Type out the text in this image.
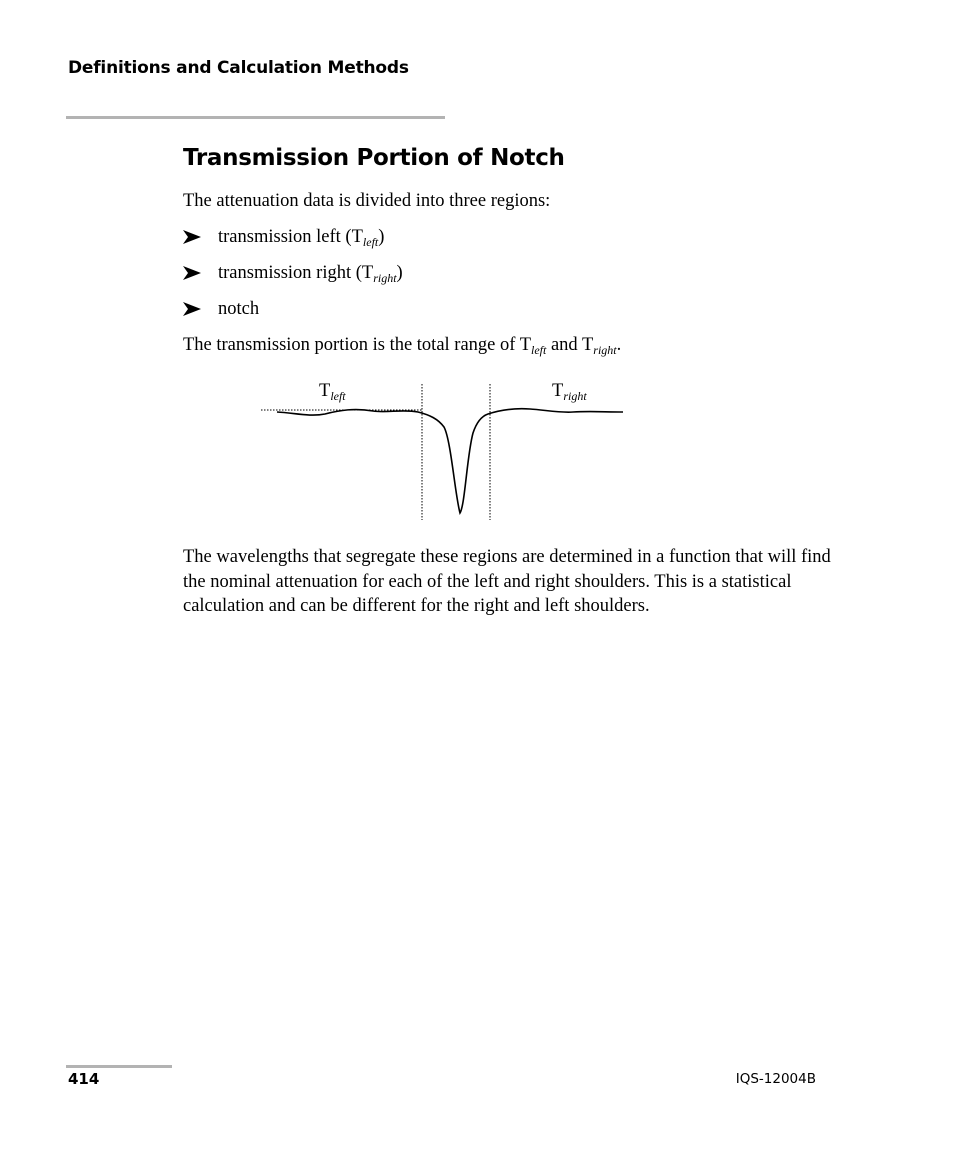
Definitions and Calculation Methods
Transmission Portion of Notch

The attenuation data is divided into three regions:

transmission left $(T_{left})$
transmission right $(T_{right})$
notch

The transmission portion is the total range of $T_{left}$ and $T_{right}$.

$T_{left}$	$T_{right}$

The wavelengths that segregate these regions are determined in a function that will find the nominal attenuation for each of the left and right shoulders. This is a statistical calculation and can be different for the right and left shoulders.

414	IQS-12004B
